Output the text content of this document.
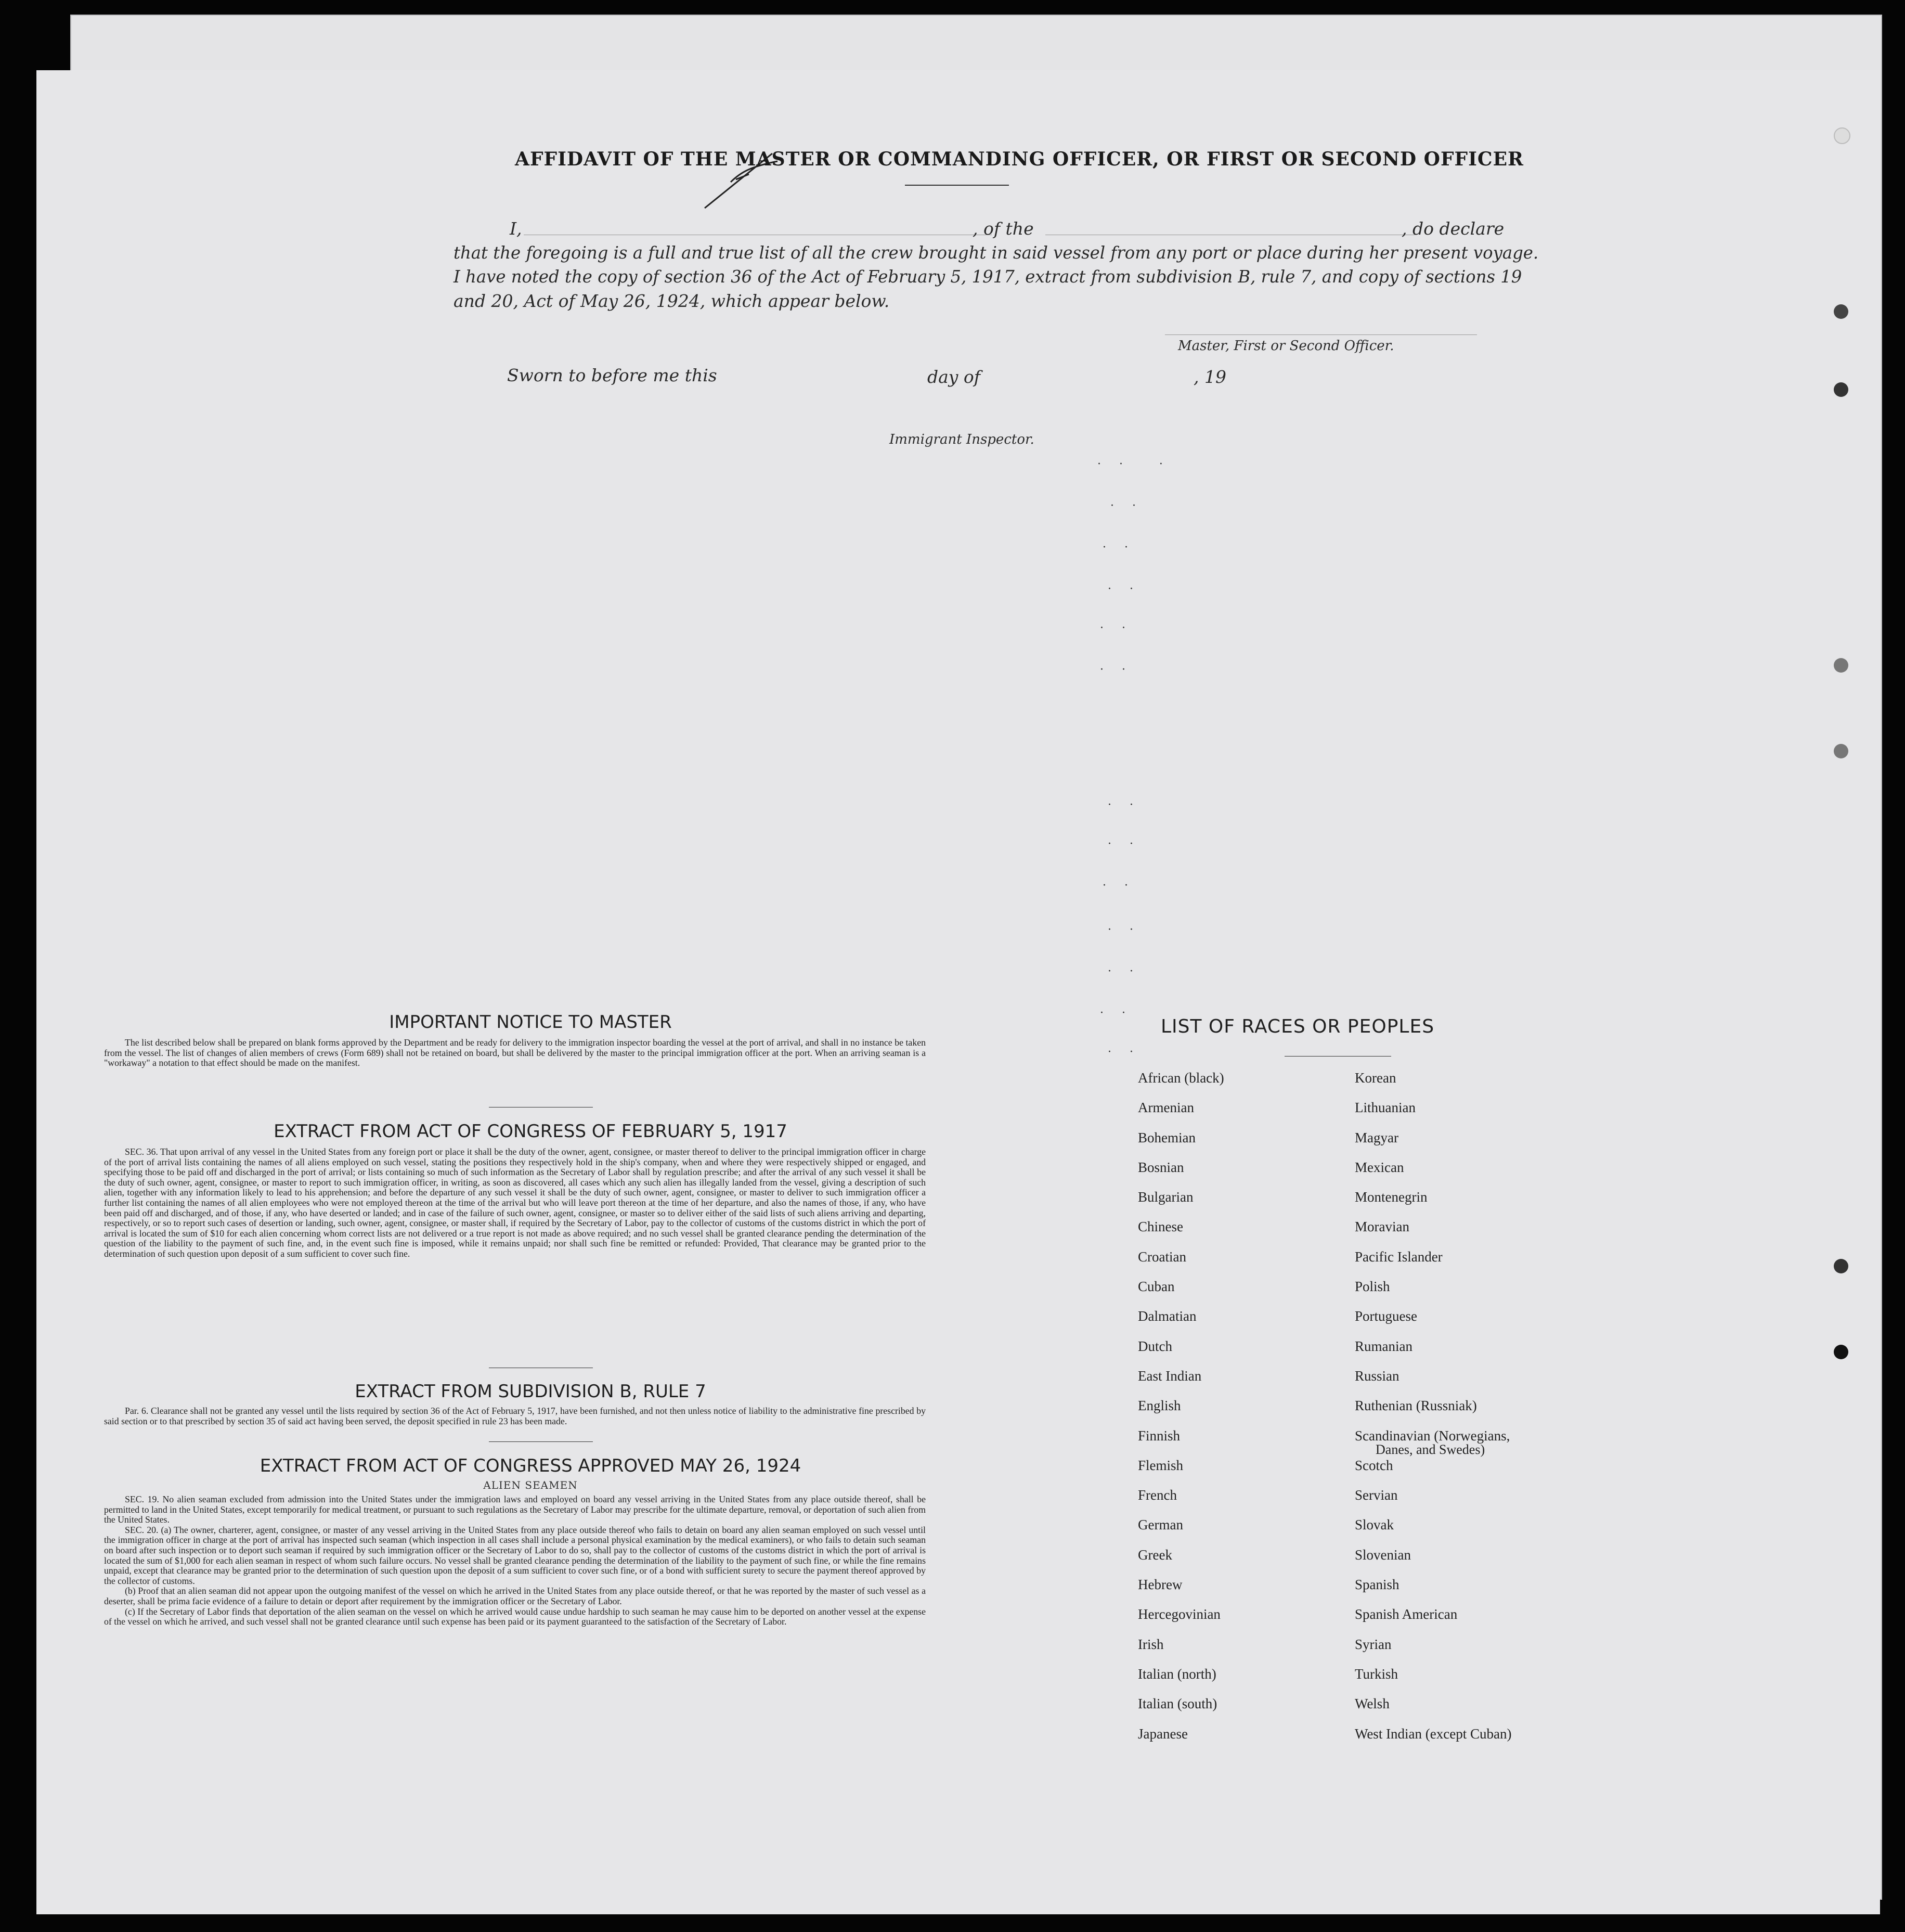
AFFIDAVIT OF THE MASTER OR COMMANDING OFFICER, OR FIRST OR SECOND OFFICER
I,	, of the	, do declare
that the foregoing is a full and true list of all the crew brought in said vessel from any port or place during her present voyage.
I have noted the copy of section 36 of the Act of February 5, 1917, extract from subdivision B, rule 7, and copy of sections 19
and 20, Act of May 26, 1924, which appear below.
Master, First or Second Officer.
Sworn to before me this	day of	, 19
Immigrant Inspector.
·     ·          ·
·     ·
·     ·
·     ·
·     ·
·     ·
·     ·
·     ·
·     ·
·     ·
·     ·
·     ·
·     ·
IMPORTANT NOTICE TO MASTER
The list described below shall be prepared on blank forms approved by the Department and be ready for delivery to the immigration inspector boarding the vessel at the port of arrival, and shall in no instance be taken from the vessel. The list of changes of alien members of crews (Form 689) shall not be retained on board, but shall be delivered by the master to the principal immigration officer at the port. When an arriving seaman is a "workaway" a notation to that effect should be made on the manifest.
EXTRACT FROM ACT OF CONGRESS OF FEBRUARY 5, 1917
SEC. 36. That upon arrival of any vessel in the United States from any foreign port or place it shall be the duty of the owner, agent, consignee, or master thereof to deliver to the principal immigration officer in charge of the port of arrival lists containing the names of all aliens employed on such vessel, stating the positions they respectively hold in the ship's company, when and where they were respectively shipped or engaged, and specifying those to be paid off and discharged in the port of arrival; or lists containing so much of such information as the Secretary of Labor shall by regulation prescribe; and after the arrival of any such vessel it shall be the duty of such owner, agent, consignee, or master to report to such immigration officer, in writing, as soon as discovered, all cases which any such alien has illegally landed from the vessel, giving a description of such alien, together with any information likely to lead to his apprehension; and before the departure of any such vessel it shall be the duty of such owner, agent, consignee, or master to deliver to such immigration officer a further list containing the names of all alien employees who were not employed thereon at the time of the arrival but who will leave port thereon at the time of her departure, and also the names of those, if any, who have been paid off and discharged, and of those, if any, who have deserted or landed; and in case of the failure of such owner, agent, consignee, or master so to deliver either of the said lists of such aliens arriving and departing, respectively, or so to report such cases of desertion or landing, such owner, agent, consignee, or master shall, if required by the Secretary of Labor, pay to the collector of customs of the customs district in which the port of arrival is located the sum of $10 for each alien concerning whom correct lists are not delivered or a true report is not made as above required; and no such vessel shall be granted clearance pending the determination of the question of the liability to the payment of such fine, and, in the event such fine is imposed, while it remains unpaid; nor shall such fine be remitted or refunded: Provided, That clearance may be granted prior to the determination of such question upon deposit of a sum sufficient to cover such fine.
EXTRACT FROM SUBDIVISION B, RULE 7
Par. 6. Clearance shall not be granted any vessel until the lists required by section 36 of the Act of February 5, 1917, have been furnished, and not then unless notice of liability to the administrative fine prescribed by said section or to that prescribed by section 35 of said act having been served, the deposit specified in rule 23 has been made.
EXTRACT FROM ACT OF CONGRESS APPROVED MAY 26, 1924
ALIEN SEAMEN
SEC. 19. No alien seaman excluded from admission into the United States under the immigration laws and employed on board any vessel arriving in the United States from any place outside thereof, shall be permitted to land in the United States, except temporarily for medical treatment, or pursuant to such regulations as the Secretary of Labor may prescribe for the ultimate departure, removal, or deportation of such alien from the United States.
SEC. 20. (a) The owner, charterer, agent, consignee, or master of any vessel arriving in the United States from any place outside thereof who fails to detain on board any alien seaman employed on such vessel until the immigration officer in charge at the port of arrival has inspected such seaman (which inspection in all cases shall include a personal physical examination by the medical examiners), or who fails to detain such seaman on board after such inspection or to deport such seaman if required by such immigration officer or the Secretary of Labor to do so, shall pay to the collector of customs of the customs district in which the port of arrival is located the sum of $1,000 for each alien seaman in respect of whom such failure occurs. No vessel shall be granted clearance pending the determination of the liability to the payment of such fine, or while the fine remains unpaid, except that clearance may be granted prior to the determination of such question upon the deposit of a sum sufficient to cover such fine, or of a bond with sufficient surety to secure the payment thereof approved by the collector of customs.
(b) Proof that an alien seaman did not appear upon the outgoing manifest of the vessel on which he arrived in the United States from any place outside thereof, or that he was reported by the master of such vessel as a deserter, shall be prima facie evidence of a failure to detain or deport after requirement by the immigration officer or the Secretary of Labor.
(c) If the Secretary of Labor finds that deportation of the alien seaman on the vessel on which he arrived would cause undue hardship to such seaman he may cause him to be deported on another vessel at the expense of the vessel on which he arrived, and such vessel shall not be granted clearance until such expense has been paid or its payment guaranteed to the satisfaction of the Secretary of Labor.
LIST OF RACES OR PEOPLES
African (black)
Armenian
Bohemian
Bosnian
Bulgarian
Chinese
Croatian
Cuban
Dalmatian
Dutch
East Indian
English
Finnish
Flemish
French
German
Greek
Hebrew
Hercegovinian
Irish
Italian (north)
Italian (south)
Japanese
Korean
Lithuanian
Magyar
Mexican
Montenegrin
Moravian
Pacific Islander
Polish
Portuguese
Rumanian
Russian
Ruthenian (Russniak)
Scandinavian (Norwegians,
Danes, and Swedes)
Scotch
Servian
Slovak
Slovenian
Spanish
Spanish American
Syrian
Turkish
Welsh
West Indian (except Cuban)
